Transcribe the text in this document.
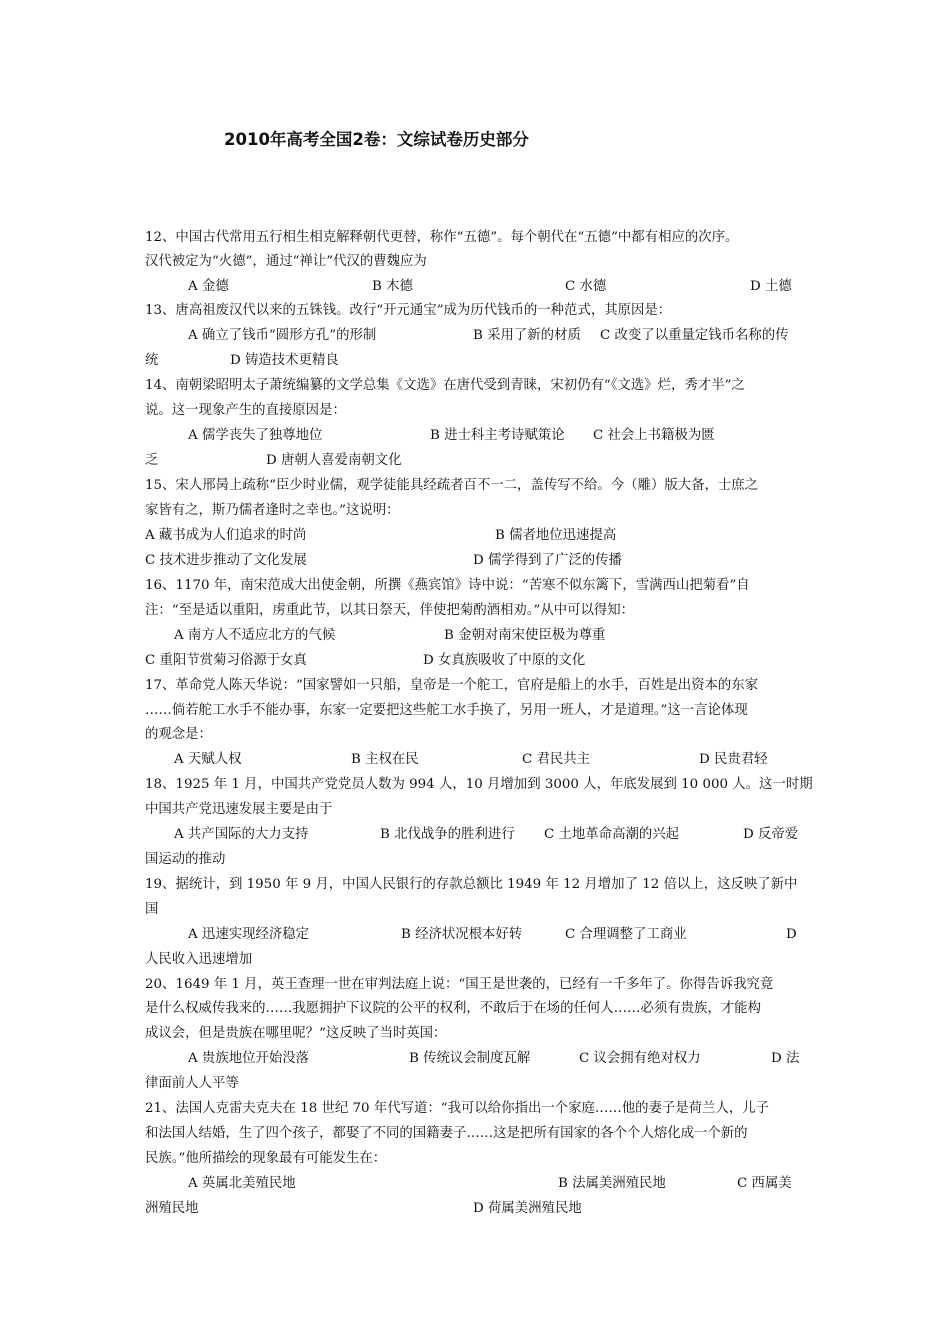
2010年高考全国2卷：文综试卷历史部分
12、中国古代常用五行相生相克解释朝代更替，称作“五德”。每个朝代在“五德”中都有相应的次序。
汉代被定为“火德”，通过“禅让”代汉的曹魏应为
A 金德	B 木德	C 水德	D 土德
13、唐高祖废汉代以来的五铢钱。改行“开元通宝”成为历代钱币的一种范式，其原因是：
A 确立了钱币“圆形方孔”的形制	B 采用了新的材质 C 改变了以重量定钱币名称的传
统	D 铸造技术更精良
14、南朝梁昭明太子萧统编纂的文学总集《文选》在唐代受到青睐，宋初仍有“《文选》烂，秀才半”之
说。这一现象产生的直接原因是：
A 儒学丧失了独尊地位	B 进士科主考诗赋策论 C 社会上书籍极为匮
乏	D 唐朝人喜爱南朝文化
15、宋人邢昺上疏称“臣少时业儒，观学徒能具经疏者百不一二，盖传写不给。今（雕）版大备，士庶之
家皆有之，斯乃儒者逢时之幸也。”这说明：
A 藏书成为人们追求的时尚	B 儒者地位迅速提高
C 技术进步推动了文化发展	D 儒学得到了广泛的传播
16、1170 年，南宋范成大出使金朝，所撰《燕宾馆》诗中说：“苦寒不似东篱下，雪满西山把菊看”自
注：“至是适以重阳，虏重此节，以其日祭天，伴使把菊酌酒相劝。”从中可以得知：
A 南方人不适应北方的气候	B 金朝对南宋使臣极为尊重
C 重阳节赏菊习俗源于女真	D 女真族吸收了中原的文化
17、革命党人陈天华说：“国家譬如一只船，皇帝是一个舵工，官府是船上的水手，百姓是出资本的东家
……倘若舵工水手不能办事，东家一定要把这些舵工水手换了，另用一班人，才是道理。”这一言论体现
的观念是：
A 天赋人权	B 主权在民	C 君民共主	D 民贵君轻
18、1925 年 1 月，中国共产党党员人数为 994 人，10 月增加到 3000 人，年底发展到 10 000 人。这一时期
中国共产党迅速发展主要是由于
A 共产国际的大力支持	B 北伐战争的胜利进行 C 土地革命高潮的兴起	D 反帝爱
国运动的推动
19、据统计，到 1950 年 9 月，中国人民银行的存款总额比 1949 年 12 月增加了 12 倍以上，这反映了新中
国
A 迅速实现经济稳定	B 经济状况根本好转	C 合理调整了工商业	D
人民收入迅速增加
20、1649 年 1 月，英王查理一世在审判法庭上说：“国王是世袭的，已经有一千多年了。你得告诉我究竟
是什么权威传我来的……我愿拥护下议院的公平的权利，不敢后于在场的任何人……必须有贵族，才能构
成议会，但是贵族在哪里呢？”这反映了当时英国：
A 贵族地位开始没落	B 传统议会制度瓦解	C 议会拥有绝对权力	D 法
律面前人人平等
21、法国人克雷夫克夫在 18 世纪 70 年代写道：“我可以给你指出一个家庭……他的妻子是荷兰人，儿子
和法国人结婚，生了四个孩子，都娶了不同的国籍妻子……这是把所有国家的各个个人熔化成一个新的
民族。”他所描绘的现象最有可能发生在：
A 英属北美殖民地	B 法属美洲殖民地	C 西属美
洲殖民地	D 荷属美洲殖民地
